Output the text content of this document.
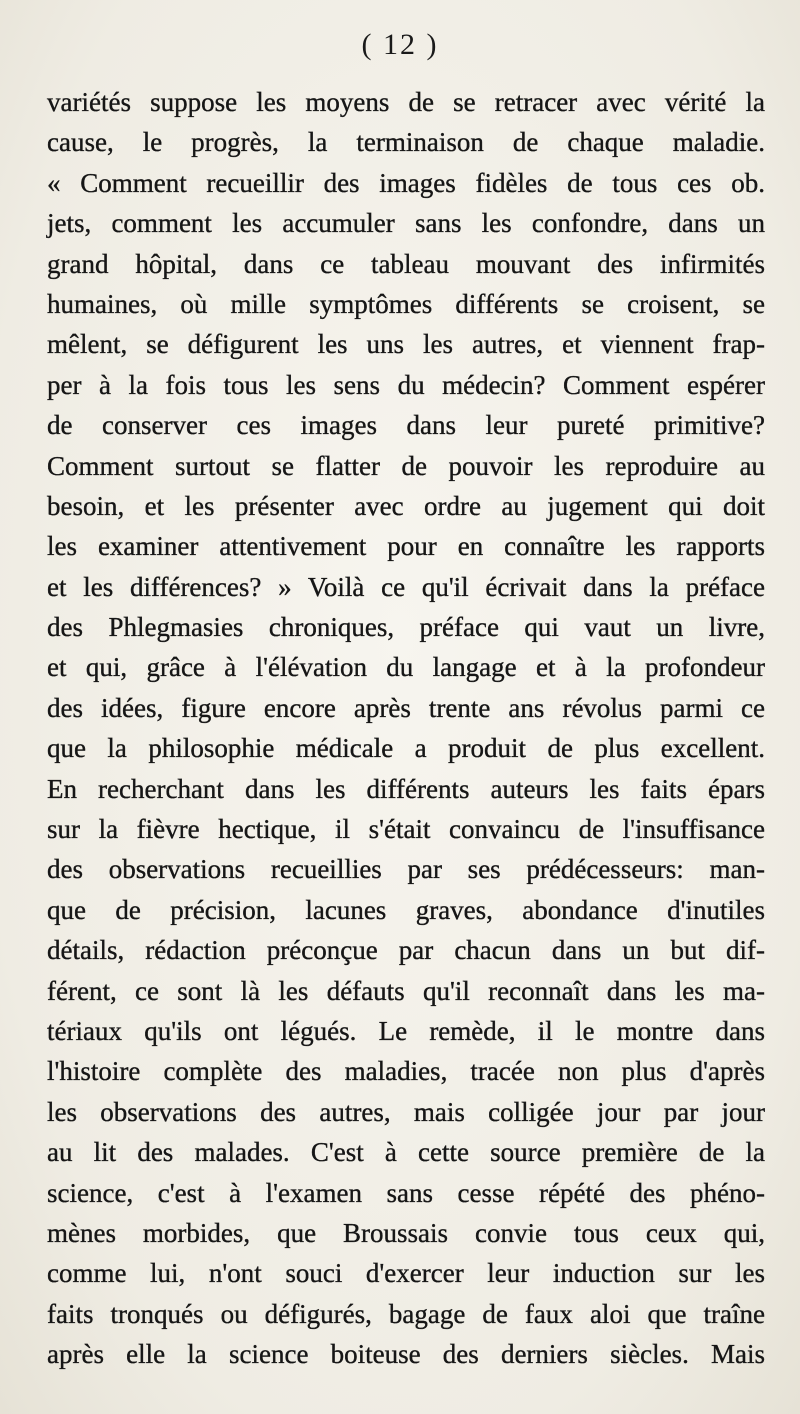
( 12 )
variétés suppose les moyens de se retracer avec vérité la
cause, le progrès, la terminaison de chaque maladie.
« Comment recueillir des images fidèles de tous ces ob.
jets, comment les accumuler sans les confondre, dans un
grand hôpital, dans ce tableau mouvant des infirmités
humaines, où mille symptômes différents se croisent, se
mêlent, se défigurent les uns les autres, et viennent frap-
per à la fois tous les sens du médecin? Comment espérer
de conserver ces images dans leur pureté primitive?
Comment surtout se flatter de pouvoir les reproduire au
besoin, et les présenter avec ordre au jugement qui doit
les examiner attentivement pour en connaître les rapports
et les différences? » Voilà ce qu'il écrivait dans la préface
des Phlegmasies chroniques, préface qui vaut un livre,
et qui, grâce à l'élévation du langage et à la profondeur
des idées, figure encore après trente ans révolus parmi ce
que la philosophie médicale a produit de plus excellent.
En recherchant dans les différents auteurs les faits épars
sur la fièvre hectique, il s'était convaincu de l'insuffisance
des observations recueillies par ses prédécesseurs: man-
que de précision, lacunes graves, abondance d'inutiles
détails, rédaction préconçue par chacun dans un but dif-
férent, ce sont là les défauts qu'il reconnaît dans les ma-
tériaux qu'ils ont légués. Le remède, il le montre dans
l'histoire complète des maladies, tracée non plus d'après
les observations des autres, mais colligée jour par jour
au lit des malades. C'est à cette source première de la
science, c'est à l'examen sans cesse répété des phéno-
mènes morbides, que Broussais convie tous ceux qui,
comme lui, n'ont souci d'exercer leur induction sur les
faits tronqués ou défigurés, bagage de faux aloi que traîne
après elle la science boiteuse des derniers siècles. Mais
